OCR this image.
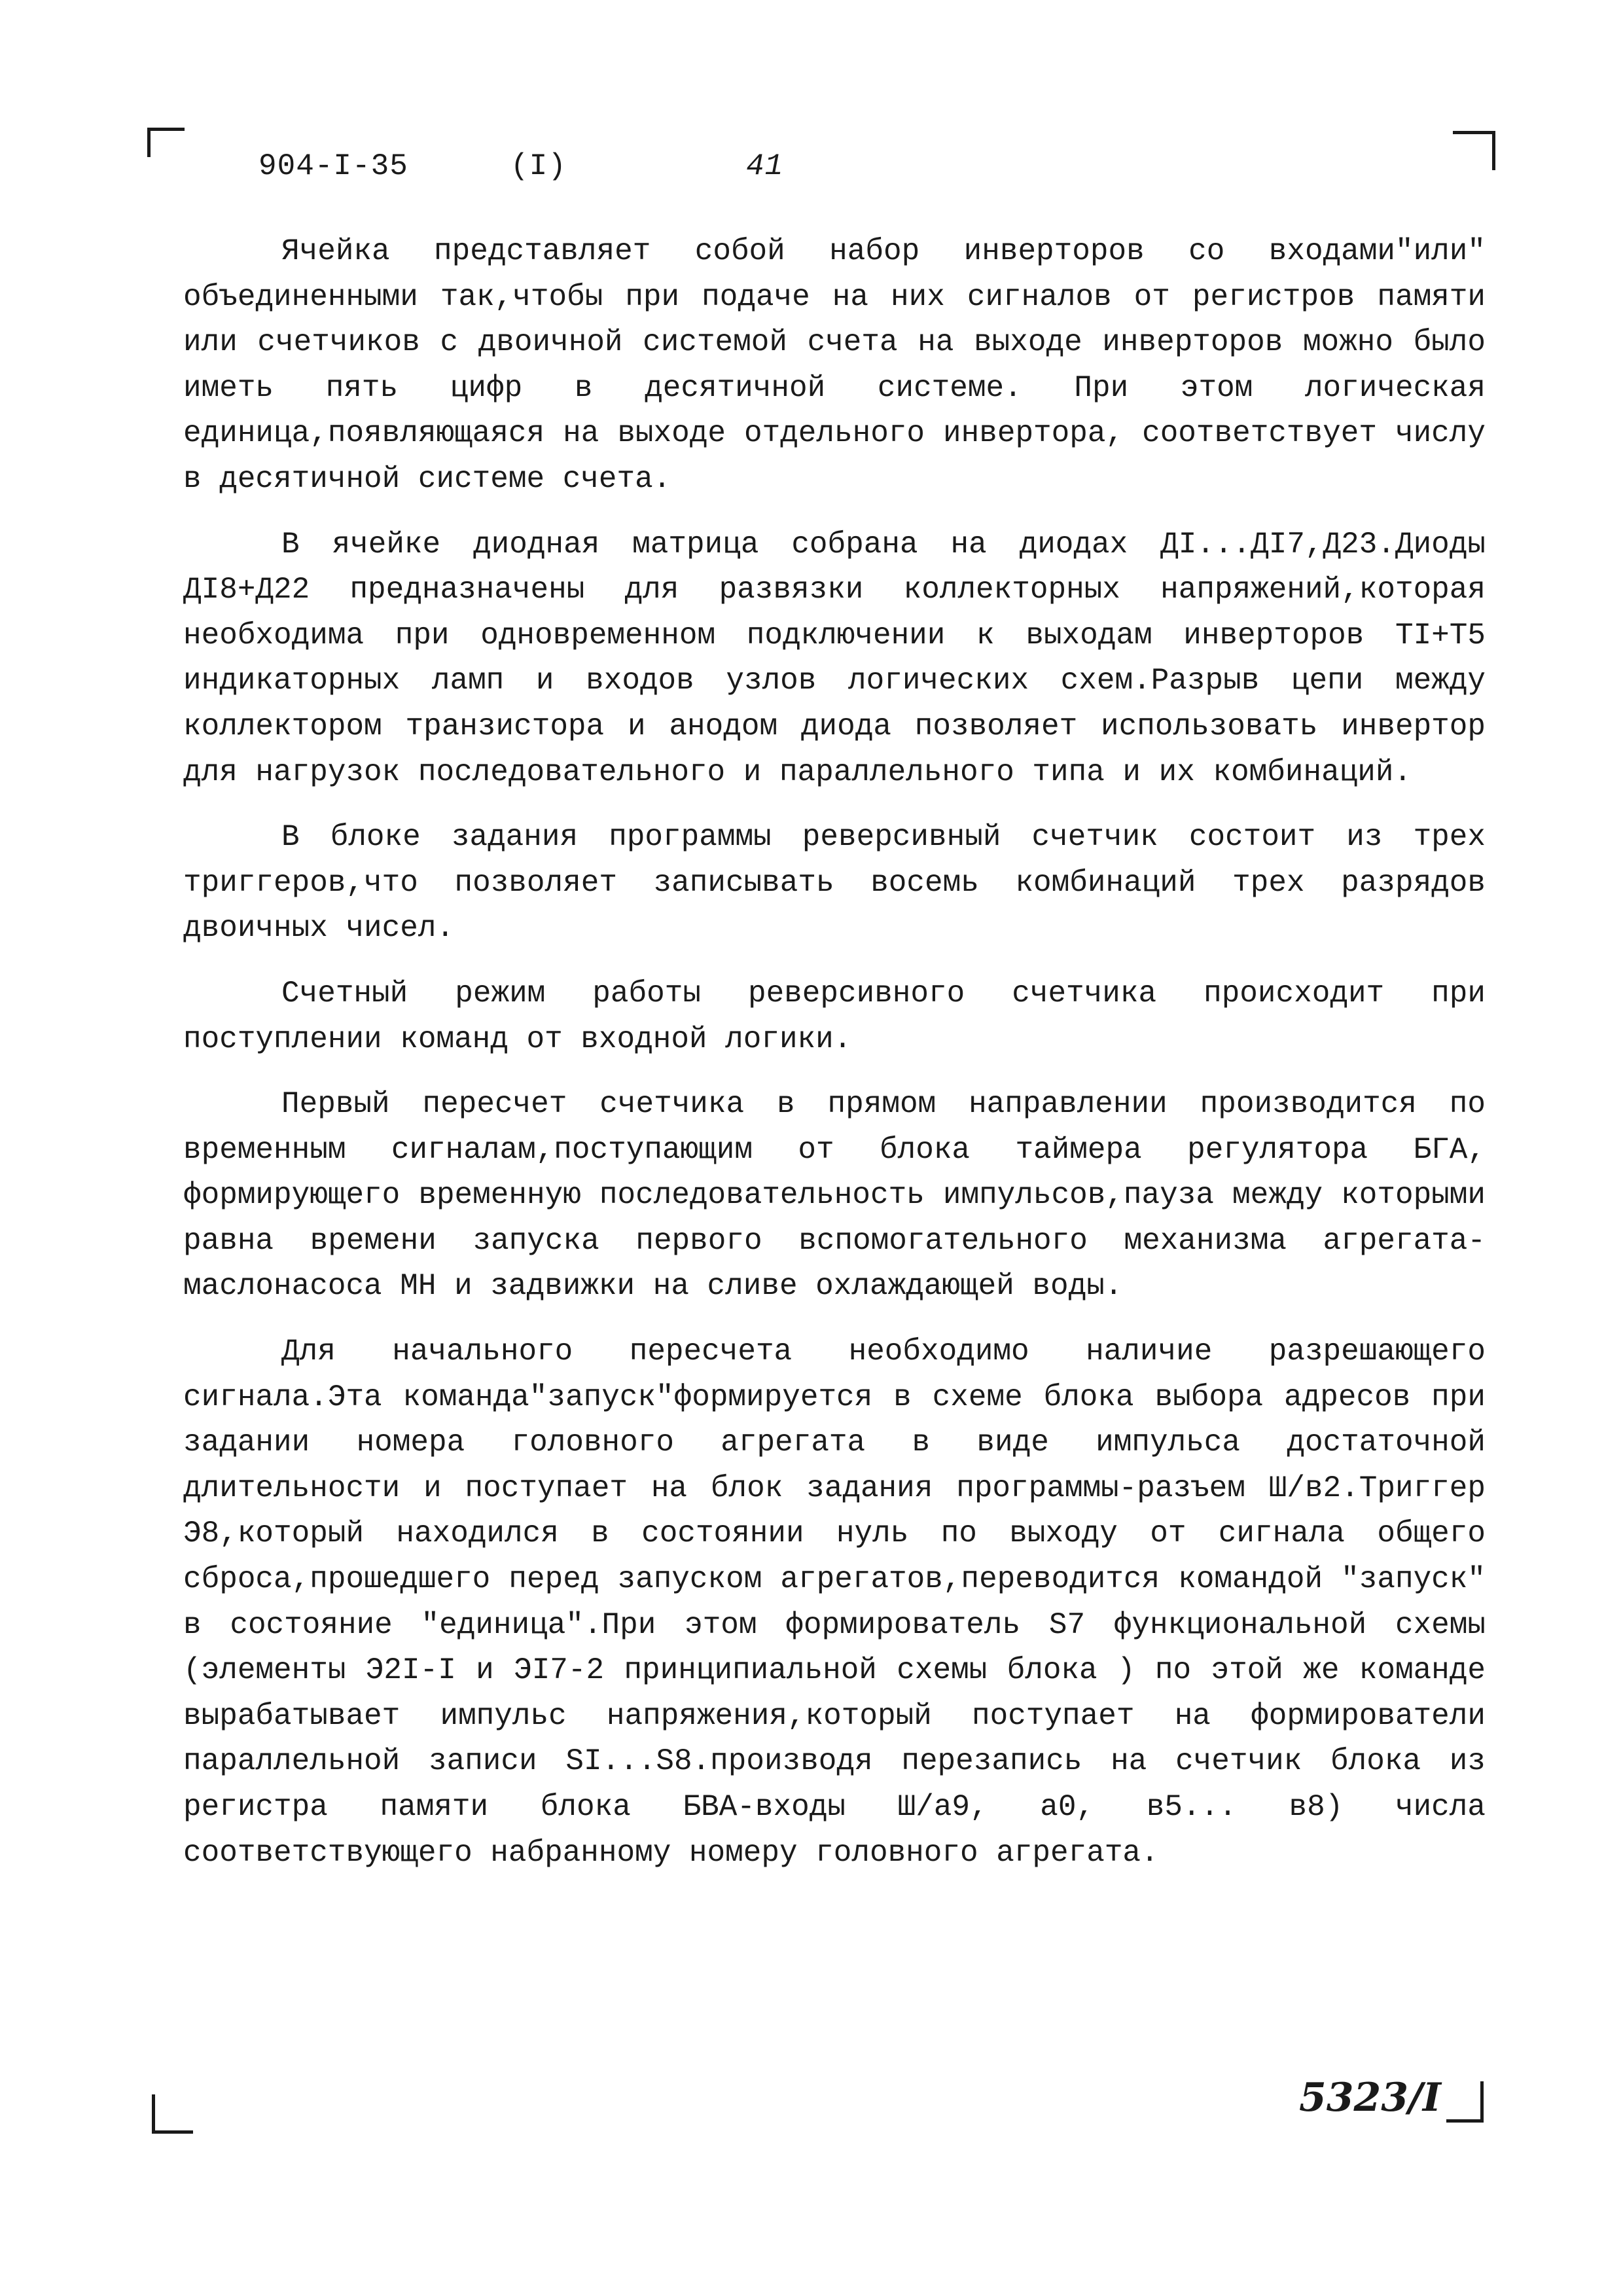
904-I-35	(I)	41

Ячейка представляет собой набор инверторов со входами"или" объединенными так,чтобы при подаче на них сигналов от регистров памяти или счетчиков с двоичной системой счета на выходе инверторов можно было иметь пять цифр в десятичной системе. При этом логическая единица,появляющаяся на выходе отдельного инвертора, соответствует числу в десятичной системе счета.

В ячейке диодная матрица собрана на диодах ДI...ДI7,Д23.Диоды ДI8+Д22 предназначены для развязки коллекторных напряжений,которая необходима при одновременном подключении к выходам инверторов TI+T5 индикаторных ламп и входов узлов логических схем.Разрыв цепи между коллектором транзистора и анодом диода позволяет использовать инвертор для нагрузок последовательного и параллельного типа и их комбинаций.

В блоке задания программы реверсивный счетчик состоит из трех триггеров,что позволяет записывать восемь комбинаций трех разрядов двоичных чисел.

Счетный режим работы реверсивного счетчика происходит при поступлении команд от входной логики.

Первый пересчет счетчика в прямом направлении производится по временным сигналам,поступающим от блока таймера регулятора БГА, формирующего временную последовательность импульсов,пауза между которыми равна времени запуска первого вспомогательного механизма агрегата-маслонасоса МН и задвижки на сливе охлаждающей воды.

Для начального пересчета необходимо наличие разрешающего сигнала.Эта команда"запуск"формируется в схеме блока выбора адресов при задании номера головного агрегата в виде импульса достаточной длительности и поступает на блок задания программы-разъем Ш/в2.Триггер Э8,который находился в состоянии нуль по выходу от сигнала общего сброса,прошедшего перед запуском агрегатов,переводится командой "запуск" в состояние "единица".При этом формирователь S7 функциональной схемы (элементы Э2I-I и ЭI7-2 принципиальной схемы блока ) по этой же команде вырабатывает импульс напряжения,который поступает на формирователи параллельной записи SI...S8.производя перезапись на счетчик блока из регистра памяти блока БВА-входы Ш/а9, а0, в5... в8) числа соответствующего набранному номеру головного агрегата.

5323/I
